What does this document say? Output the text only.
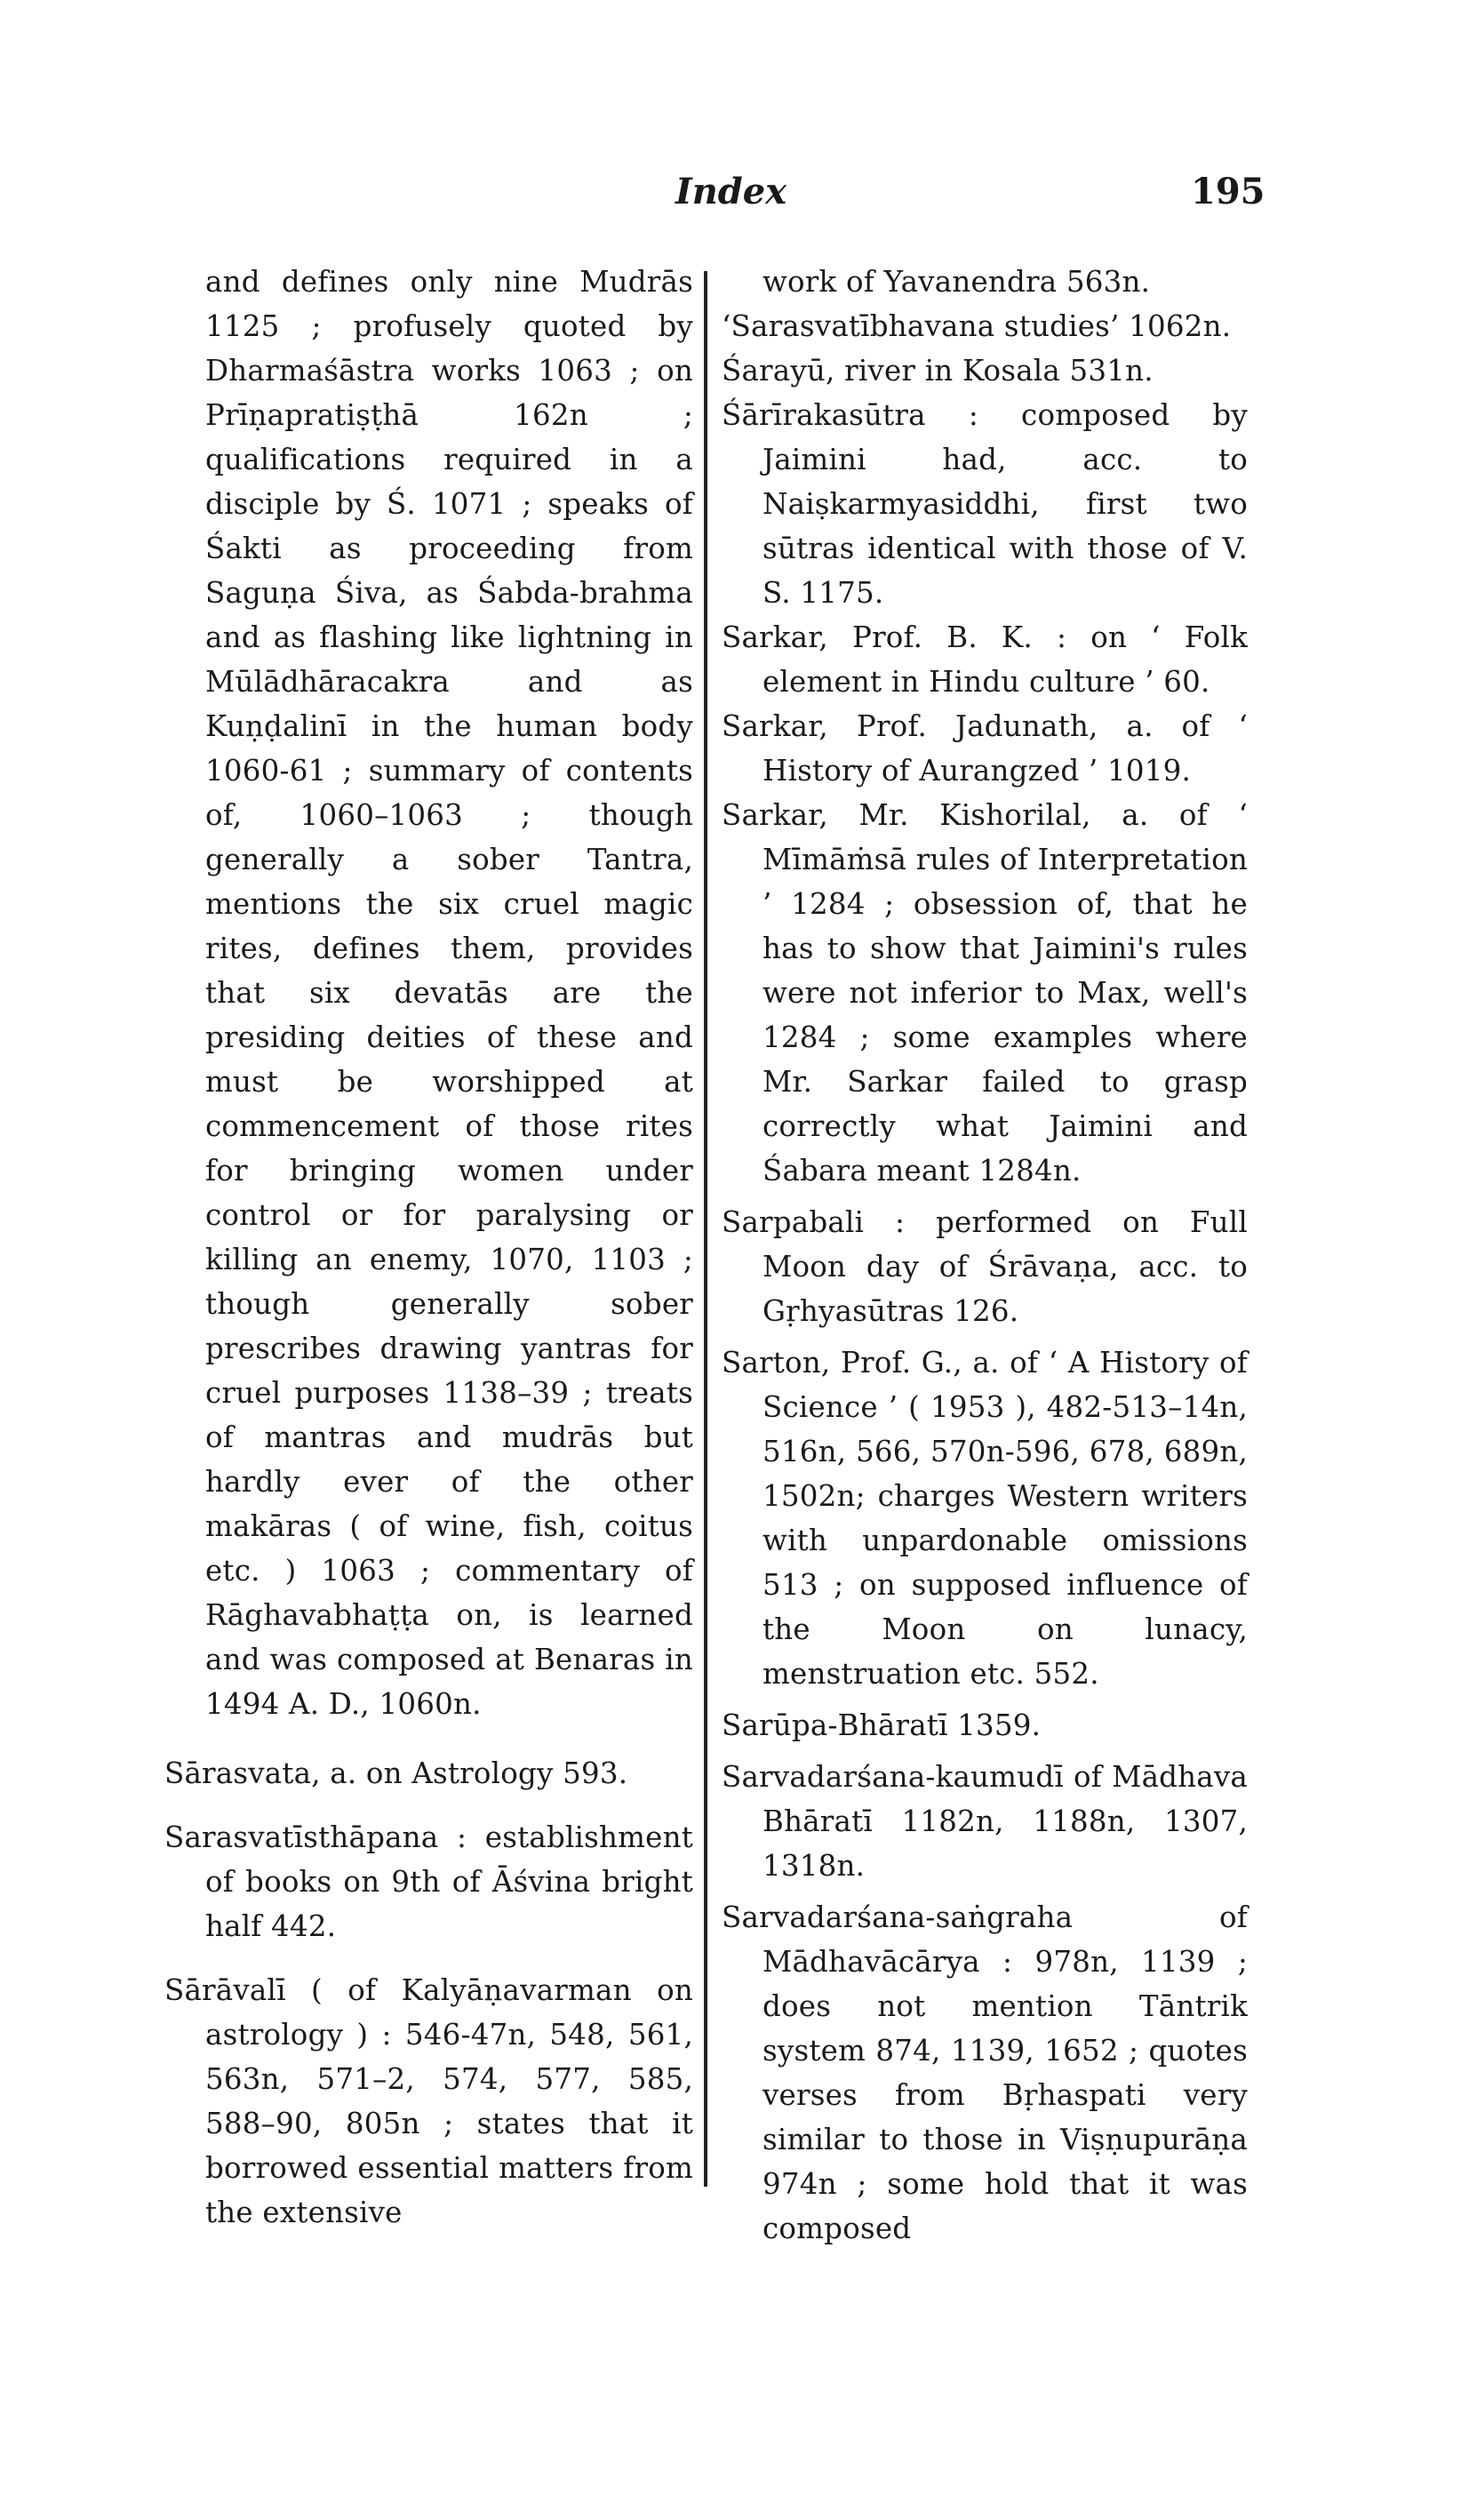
Index	195

and defines only nine Mudrās 1125 ; profusely quoted by Dharmaśāstra works 1063 ; on Prīṇapratiṣṭhā 162n ; qualifications required in a disciple by Ś. 1071 ; speaks of Śakti as proceeding from Saguṇa Śiva, as Śabda-brahma and as flashing like lightning in Mūlādhāracakra and as Kuṇḍalinī in the human body 1060-61 ; summary of contents of, 1060–1063 ; though generally a sober Tantra, mentions the six cruel magic rites, defines them, provides that six devatās are the presiding deities of these and must be worshipped at commencement of those rites for bringing women under control or for paralysing or killing an enemy, 1070, 1103 ; though generally sober prescribes drawing yantras for cruel purposes 1138–39 ; treats of mantras and mudrās but hardly ever of the other makāras ( of wine, fish, coitus etc. ) 1063 ; commentary of Rāghavabhaṭṭa on, is learned and was composed at Benaras in 1494 A. D., 1060n.

Sārasvata, a. on Astrology 593.

Sarasvatīsthāpana : establishment of books on 9th of Āśvina bright half 442.

Sārāvalī ( of Kalyāṇavarman on astrology ) : 546-47n, 548, 561, 563n, 571–2, 574, 577, 585, 588–90, 805n ; states that it borrowed essential matters from the extensive

work of Yavanendra 563n.

‘Sarasvatībhavana studies’ 1062n.

Śarayū, river in Kosala 531n.

Śārīrakasūtra : composed by Jaimini had, acc. to Naiṣkarmyasiddhi, first two sūtras identical with those of V. S. 1175.

Sarkar, Prof. B. K. : on ‘ Folk element in Hindu culture ’ 60.

Sarkar, Prof. Jadunath, a. of ‘ History of Aurangzed ’ 1019.

Sarkar, Mr. Kishorilal, a. of ‘ Mīmāṁsā rules of Interpretation ’ 1284 ; obsession of, that he has to show that Jaimini's rules were not inferior to Max, well's 1284 ; some examples where Mr. Sarkar failed to grasp correctly what Jaimini and Śabara meant 1284n.

Sarpabali : performed on Full Moon day of Śrāvaṇa, acc. to Gṛhyasūtras 126.

Sarton, Prof. G., a. of ‘ A History of Science ’ ( 1953 ), 482-513–14n, 516n, 566, 570n-596, 678, 689n, 1502n; charges Western writers with unpardonable omissions 513 ; on supposed influence of the Moon on lunacy, menstruation etc. 552.

Sarūpa-Bhāratī 1359.

Sarvadarśana-kaumudī of Mādhava Bhāratī 1182n, 1188n, 1307, 1318n.

Sarvadarśana-saṅgraha of Mādhavācārya : 978n, 1139 ; does not mention Tāntrik system 874, 1139, 1652 ; quotes verses from Bṛhaspati very similar to those in Viṣṇupurāṇa 974n ; some hold that it was composed
